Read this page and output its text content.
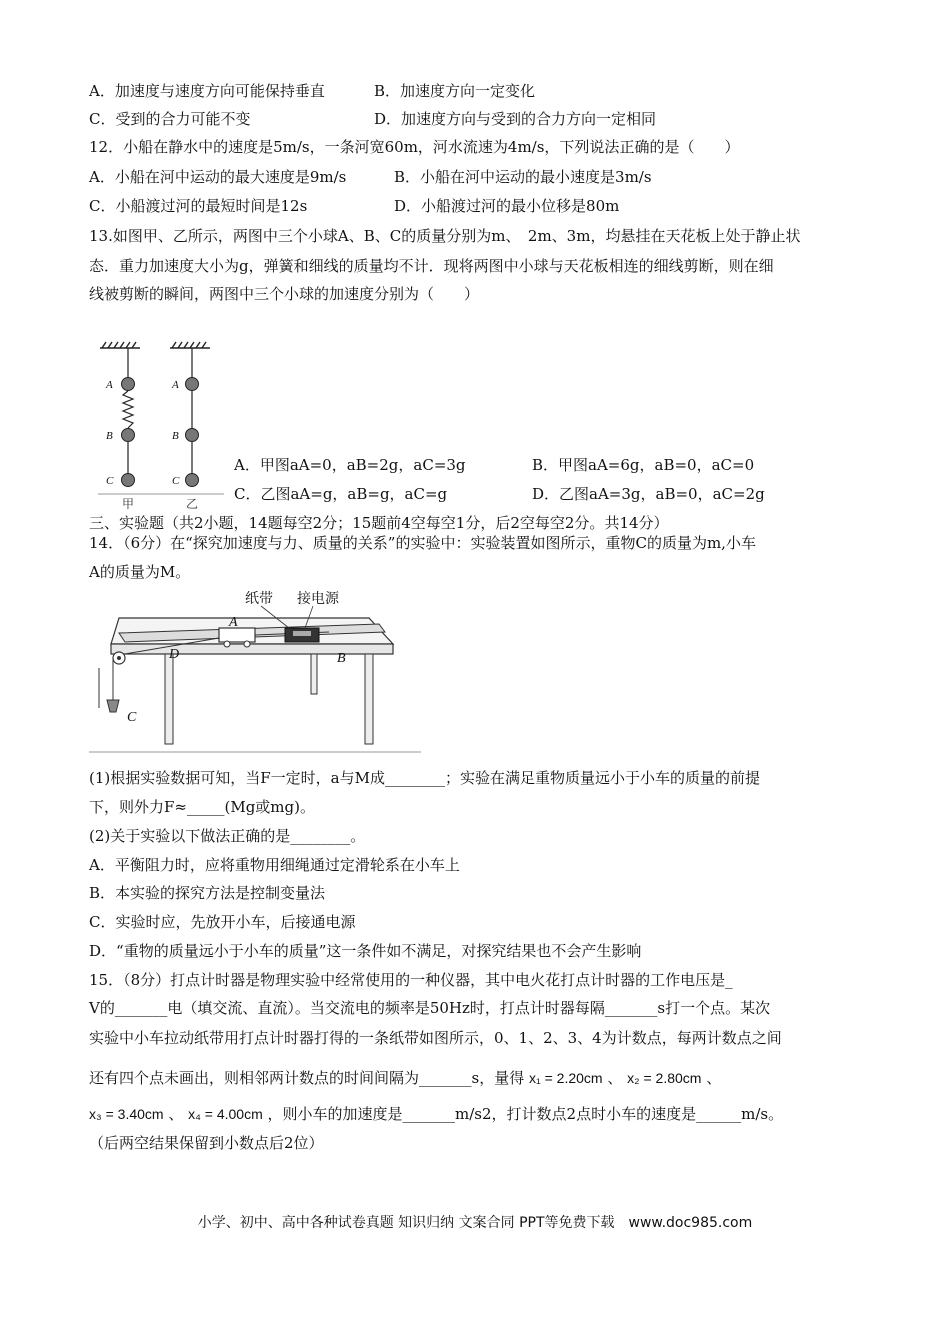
A．加速度与速度方向可能保持垂直	B．加速度方向一定变化
C．受到的合力可能不变	D．加速度方向与受到的合力方向一定相同
12．小船在静水中的速度是5m/s，一条河宽60m，河水流速为4m/s，下列说法正确的是（　　）
A．小船在河中运动的最大速度是9m/s	B．小船在河中运动的最小速度是3m/s
C．小船渡过河的最短时间是12s	D．小船渡过河的最小位移是80m
13.如图甲、乙所示，两图中三个小球A、B、C的质量分别为m、　2m、3m，均悬挂在天花板上处于静止状
态．重力加速度大小为g，弹簧和细线的质量均不计．现将两图中小球与天花板相连的细线剪断，则在细
线被剪断的瞬间，两图中三个小球的加速度分别为（　　）
A
B
C
A
B
C
甲	乙
A．甲图aA=0，aB=2g，aC=3g	B．甲图aA=6g，aB=0，aC=0
C．乙图aA=g，aB=g，aC=g	D．乙图aA=3g，aB=0，aC=2g
三、实验题（共2小题，14题每空2分；15题前4空每空1分，后2空每空2分。共14分）
14．（6分）在“探究加速度与力、质量的关系”的实验中：实验装置如图所示，重物C的质量为m,小车
A的质量为M。
纸带 接电源
A
B
C
D
(1)根据实验数据可知，当F一定时，a与M成________；实验在满足重物质量远小于小车的质量的前提
下，则外力F≈_____(Mg或mg)。
(2)关于实验以下做法正确的是________。
A．平衡阻力时，应将重物用细绳通过定滑轮系在小车上
B．本实验的探究方法是控制变量法
C．实验时应，先放开小车，后接通电源
D．“重物的质量远小于小车的质量”这一条件如不满足，对探究结果也不会产生影响
15．（8分）打点计时器是物理实验中经常使用的一种仪器，其中电火花打点计时器的工作电压是_
V的_______电（填交流、直流）。当交流电的频率是50Hz时，打点计时器每隔_______s打一个点。某次
实验中小车拉动纸带用打点计时器打得的一条纸带如图所示，0、1、2、3、4为计数点，每两计数点之间
还有四个点未画出，则相邻两计数点的时间间隔为_______s，量得 x₁ = 2.20cm 、 x₂ = 2.80cm 、
x₃ = 3.40cm 、 x₄ = 4.00cm ，则小车的加速度是_______m/s2，打计数点2点时小车的速度是______m/s。
（后两空结果保留到小数点后2位）
小学、初中、高中各种试卷真题 知识归纳 文案合同 PPT等免费下载　www.doc985.com
